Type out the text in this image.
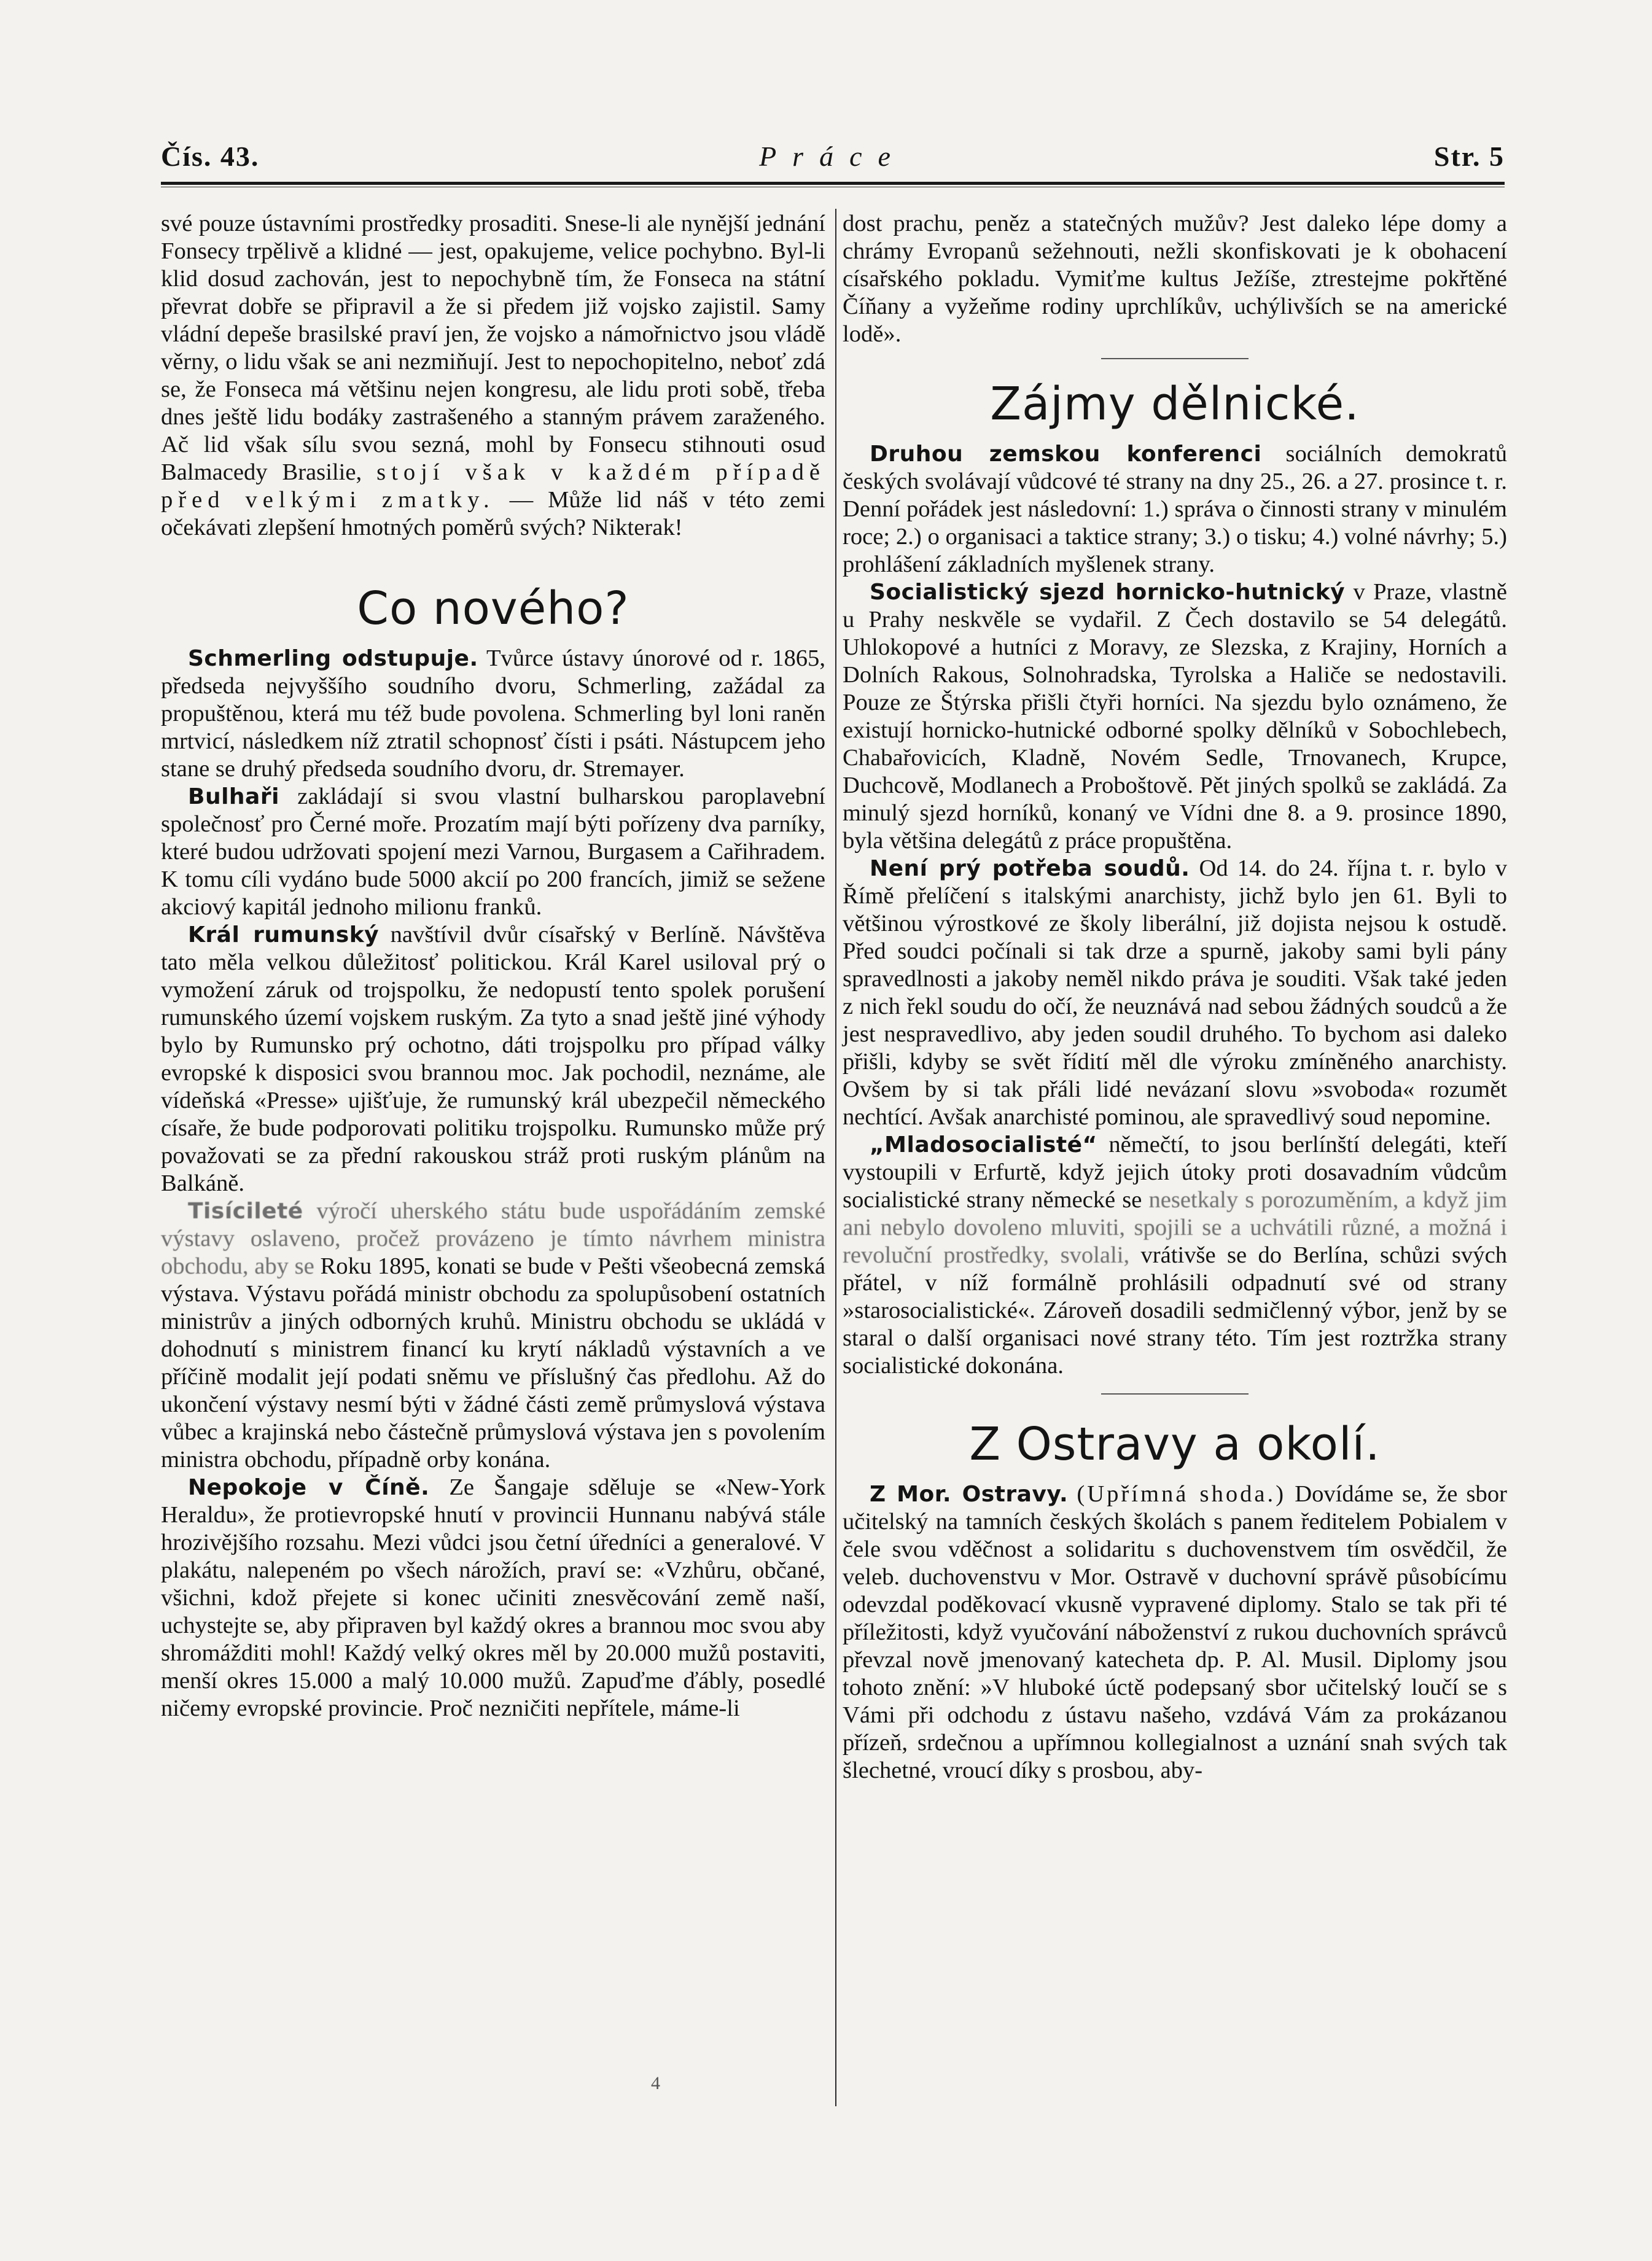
Čís. 43.	Práce	Str. 5

své pouze ústavními prostředky prosaditi. Snese-li ale nynější jednání Fonsecy trpělivě a klidné — jest, opakujeme, velice pochybno. Byl-li klid dosud zachován, jest to nepochybně tím, že Fonseca na státní převrat dobře se připravil a že si předem již vojsko zajistil. Samy vládní depeše brasilské praví jen, že vojsko a námořnictvo jsou vládě věrny, o lidu však se ani nezmiňují. Jest to nepochopitelno, neboť zdá se, že Fonseca má většinu nejen kongresu, ale lidu proti sobě, třeba dnes ještě lidu bodáky zastrašeného a stanným právem zaraženého. Ač lid však sílu svou sezná, mohl by Fonsecu stihnouti osud Balmacedy Brasilie, stojí však v každém případě před velkými zmatky. — Může lid náš v této zemi očekávati zlepšení hmotných poměrů svých? Nikterak!

Co nového?

Schmerling odstupuje. Tvůrce ústavy únorové od r. 1865, předseda nejvyššího soudního dvoru, Schmerling, zažádal za propuštěnou, která mu též bude povolena. Schmerling byl loni raněn mrtvicí, následkem níž ztratil schopnosť čísti i psáti. Nástupcem jeho stane se druhý předseda soudního dvoru, dr. Stremayer.

Bulhaři zakládají si svou vlastní bulharskou paroplavební společnosť pro Černé moře. Prozatím mají býti pořízeny dva parníky, které budou udržovati spojení mezi Varnou, Burgasem a Cařihradem. K tomu cíli vydáno bude 5000 akcií po 200 francích, jimiž se sežene akciový kapitál jednoho milionu franků.

Král rumunský navštívil dvůr císařský v Berlíně. Návštěva tato měla velkou důležitosť politickou. Král Karel usiloval prý o vymožení záruk od trojspolku, že nedopustí tento spolek porušení rumunského území vojskem ruským. Za tyto a snad ještě jiné výhody bylo by Rumunsko prý ochotno, dáti trojspolku pro případ války evropské k disposici svou brannou moc. Jak pochodil, neznáme, ale vídeňská «Presse» ujišťuje, že rumunský král ubezpečil německého císaře, že bude podporovati politiku trojspolku. Rumunsko může prý považovati se za přední rakouskou stráž proti ruským plánům na Balkáně.

Tisícileté výročí uherského státu bude uspořádáním zemské výstavy oslaveno, pročež provázeno je tímto návrhem ministra obchodu, aby se Roku 1895, konati se bude v Pešti všeobecná zemská výstava. Výstavu pořádá ministr obchodu za spolupůsobení ostatních ministrův a jiných odborných kruhů. Ministru obchodu se ukládá v dohodnutí s ministrem financí ku krytí nákladů výstavních a ve příčině modalit její podati sněmu ve příslušný čas předlohu. Až do ukončení výstavy nesmí býti v žádné části země průmyslová výstava vůbec a krajinská nebo částečně průmyslová výstava jen s povolením ministra obchodu, případně orby konána.

Nepokoje v Číně. Ze Šangaje sděluje se «New-York Heraldu», že protievropské hnutí v provincii Hunnanu nabývá stále hrozivějšího rozsahu. Mezi vůdci jsou četní úředníci a generalové. V plakátu, nalepeném po všech nárožích, praví se: «Vzhůru, občané, všichni, kdož přejete si konec učiniti znesvěcování země naší, uchystejte se, aby připraven byl každý okres a brannou moc svou aby shromážditi mohl! Každý velký okres měl by 20.000 mužů postaviti, menší okres 15.000 a malý 10.000 mužů. Zapuďme ďábly, posedlé ničemy evropské provincie. Proč nezničiti nepřítele, máme-li

dost prachu, peněz a statečných mužův? Jest daleko lépe domy a chrámy Evropanů sežehnouti, nežli skonfiskovati je k obohacení císařského pokladu. Vymiťme kultus Ježíše, ztrestejme pokřtěné Číňany a vyžeňme rodiny uprchlíkův, uchýlivších se na americké lodě».

Zájmy dělnické.

Druhou zemskou konferenci sociálních demokratů českých svolávají vůdcové té strany na dny 25., 26. a 27. prosince t. r. Denní pořádek jest následovní: 1.) správa o činnosti strany v minulém roce; 2.) o organisaci a taktice strany; 3.) o tisku; 4.) volné návrhy; 5.) prohlášení základních myšlenek strany.

Socialistický sjezd hornicko-hutnický v Praze, vlastně u Prahy neskvěle se vydařil. Z Čech dostavilo se 54 delegátů. Uhlokopové a hutníci z Moravy, ze Slezska, z Krajiny, Horních a Dolních Rakous, Solnohradska, Tyrolska a Haliče se nedostavili. Pouze ze Štýrska přišli čtyři horníci. Na sjezdu bylo oznámeno, že existují hornicko-hutnické odborné spolky dělníků v Sobochlebech, Chabařovicích, Kladně, Novém Sedle, Trnovanech, Krupce, Duchcově, Modlanech a Proboštově. Pět jiných spolků se zakládá. Za minulý sjezd horníků, konaný ve Vídni dne 8. a 9. prosince 1890, byla většina delegátů z práce propuštěna.

Není prý potřeba soudů. Od 14. do 24. října t. r. bylo v Římě přelíčení s italskými anarchisty, jichž bylo jen 61. Byli to většinou výrostkové ze školy liberální, již dojista nejsou k ostudě. Před soudci počínali si tak drze a spurně, jakoby sami byli pány spravedlnosti a jakoby neměl nikdo práva je souditi. Však také jeden z nich řekl soudu do očí, že neuznává nad sebou žádných soudců a že jest nespravedlivo, aby jeden soudil druhého. To bychom asi daleko přišli, kdyby se svět řídití měl dle výroku zmíněného anarchisty. Ovšem by si tak přáli lidé nevázaní slovu »svoboda« rozumět nechtící. Avšak anarchisté pominou, ale spravedlivý soud nepomine.

„Mladosocialisté“ němečtí, to jsou berlínští delegáti, kteří vystoupili v Erfurtě, když jejich útoky proti dosavadním vůdcům socialistické strany německé se nesetkaly s porozuměním, a když jim ani nebylo dovoleno mluviti, spojili se a uchvátili různé, a možná i revoluční prostředky, svolali, vrátivše se do Berlína, schůzi svých přátel, v níž formálně prohlásili odpadnutí své od strany »starosocialistické«. Zároveň dosadili sedmičlenný výbor, jenž by se staral o další organisaci nové strany této. Tím jest roztržka strany socialistické dokonána.

Z Ostravy a okolí.

Z Mor. Ostravy. (Upřímná shoda.) Dovídáme se, že sbor učitelský na tamních českých školách s panem ředitelem Pobialem v čele svou vděčnost a solidaritu s duchovenstvem tím osvědčil, že veleb. duchovenstvu v Mor. Ostravě v duchovní správě působícímu odevzdal poděkovací vkusně vypravené diplomy. Stalo se tak při té příležitosti, když vyučování náboženství z rukou duchovních správců převzal nově jmenovaný katecheta dp. P. Al. Musil. Diplomy jsou tohoto znění: »V hluboké úctě podepsaný sbor učitelský loučí se s Vámi při odchodu z ústavu našeho, vzdává Vám za prokázanou přízeň, srdečnou a upřímnou kollegialnost a uznání snah svých tak šlechetné, vroucí díky s prosbou, aby-

4
